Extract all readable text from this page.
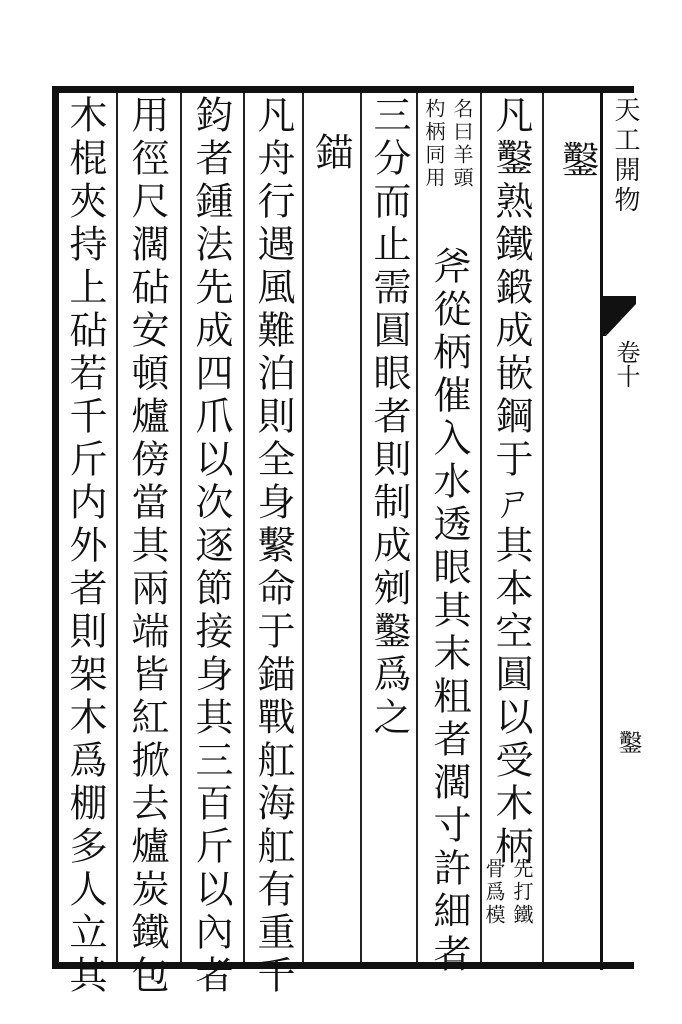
鑿
凡鑿熟鐵鍛成嵌鋼于ㄕ其本空圓以受木柄
先打鐵
骨爲模
名曰羊頭
杓柄同用
斧從柄催入水透眼其末粗者濶寸許細者
三分而止需圓眼者則制成剜鑿爲之
錨
凡舟行遇風難泊則全身繫命于錨戰舡海舡有重千
鈞者鍾法先成四爪以次逐節接身其三百斤以內者
用徑尺濶砧安頓爐傍當其兩端皆紅掀去爐炭鐵包
木棍夾持上砧若千斤内外者則架木爲棚多人立其	天工開物
卷十
鑿
